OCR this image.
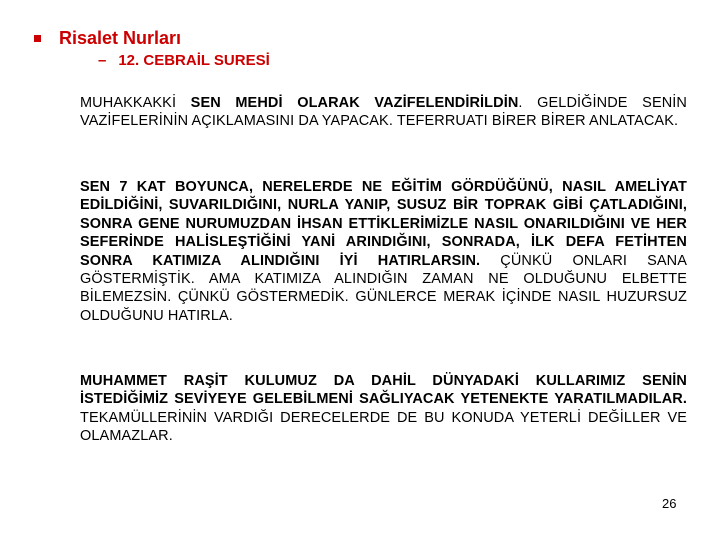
Risalet Nurları
– 12. CEBRAİL SURESİ
MUHAKKAKKİ SEN MEHDİ OLARAK VAZİFELENDİRİLDİN. GELDİĞİNDE SENİN VAZİFELERİNİN AÇIKLAMASINI DA YAPACAK. TEFERRUATI BİRER BİRER ANLATACAK.
SEN 7 KAT BOYUNCA, NERELERDE NE EĞİTİM GÖRDÜĞÜNÜ, NASIL AMELİYAT EDİLDİĞİNİ, SUVARILDIĞINI, NURLA YANIP, SUSUZ BİR TOPRAK GİBİ ÇATLADIĞINI, SONRA GENE NURUMUZDAN İHSAN ETTİKLERİMİZLE NASIL ONARILDIĞINI VE HER SEFERİNDE HALİSLEŞTİĞİNİ YANİ ARINDIĞINI, SONRADA, İLK DEFA FETİHTEN SONRA KATIMIZA ALINDIĞINI İYİ HATIRLARSIN. ÇÜNKÜ ONLARI SANA GÖSTERMİŞTİK. AMA KATIMIZA ALINDIĞIN ZAMAN NE OLDUĞUNU ELBETTE BİLEMEZSİN. ÇÜNKÜ GÖSTERMEDİK. GÜNLERCE MERAK İÇİNDE NASIL HUZURSUZ OLDUĞUNU HATIRLA.
MUHAMMET RAŞİT KULUMUZ DA DAHİL DÜNYADAKİ KULLARIMIZ SENİN İSTEDİĞİMİZ SEVİYEYE GELEBİLMENİ SAĞLIYACAK YETENEKTE YARATILMADILAR. TEKAMÜLLERİNİN VARDIĞI DERECELERDE DE BU KONUDA YETERLİ DEĞİLLER VE OLAMAZLAR.
26
